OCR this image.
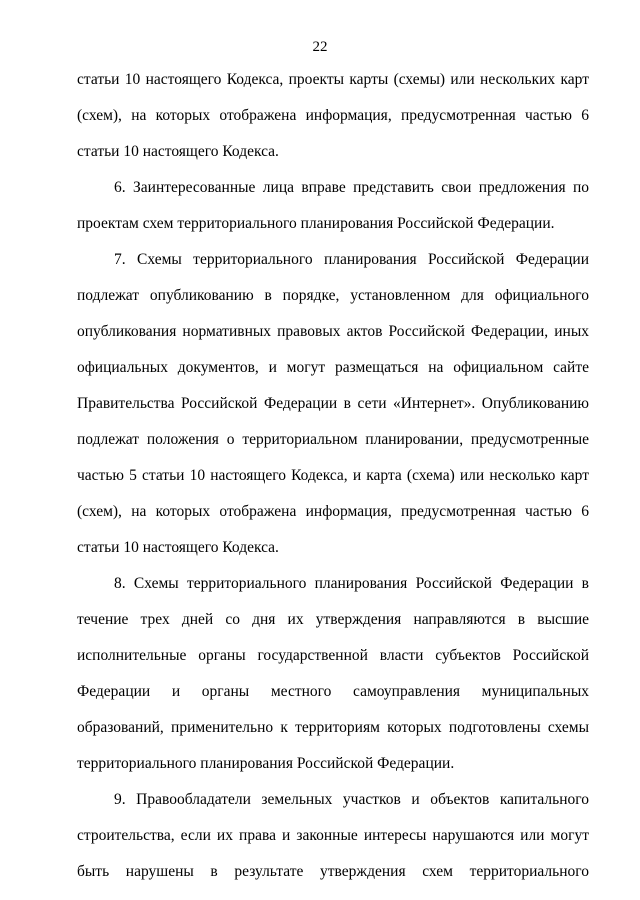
22

статьи 10 настоящего Кодекса, проекты карты (схемы) или нескольких карт (схем), на которых отображена информация, предусмотренная частью 6 статьи 10 настоящего Кодекса.

6. Заинтересованные лица вправе представить свои предложения по проектам схем территориального планирования Российской Федерации.

7. Схемы территориального планирования Российской Федерации подлежат опубликованию в порядке, установленном для официального опубликования нормативных правовых актов Российской Федерации, иных официальных документов, и могут размещаться на официальном сайте Правительства Российской Федерации в сети «Интернет». Опубликованию подлежат положения о территориальном планировании, предусмотренные частью 5 статьи 10 настоящего Кодекса, и карта (схема) или несколько карт (схем), на которых отображена информация, предусмотренная частью 6 статьи 10 настоящего Кодекса.

8. Схемы территориального планирования Российской Федерации в течение трех дней со дня их утверждения направляются в высшие исполнительные органы государственной власти субъектов Российской Федерации и органы местного самоуправления муниципальных образований, применительно к территориям которых подготовлены схемы территориального планирования Российской Федерации.

9. Правообладатели земельных участков и объектов капитального строительства, если их права и законные интересы нарушаются или могут быть нарушены в результате утверждения схем территориального
